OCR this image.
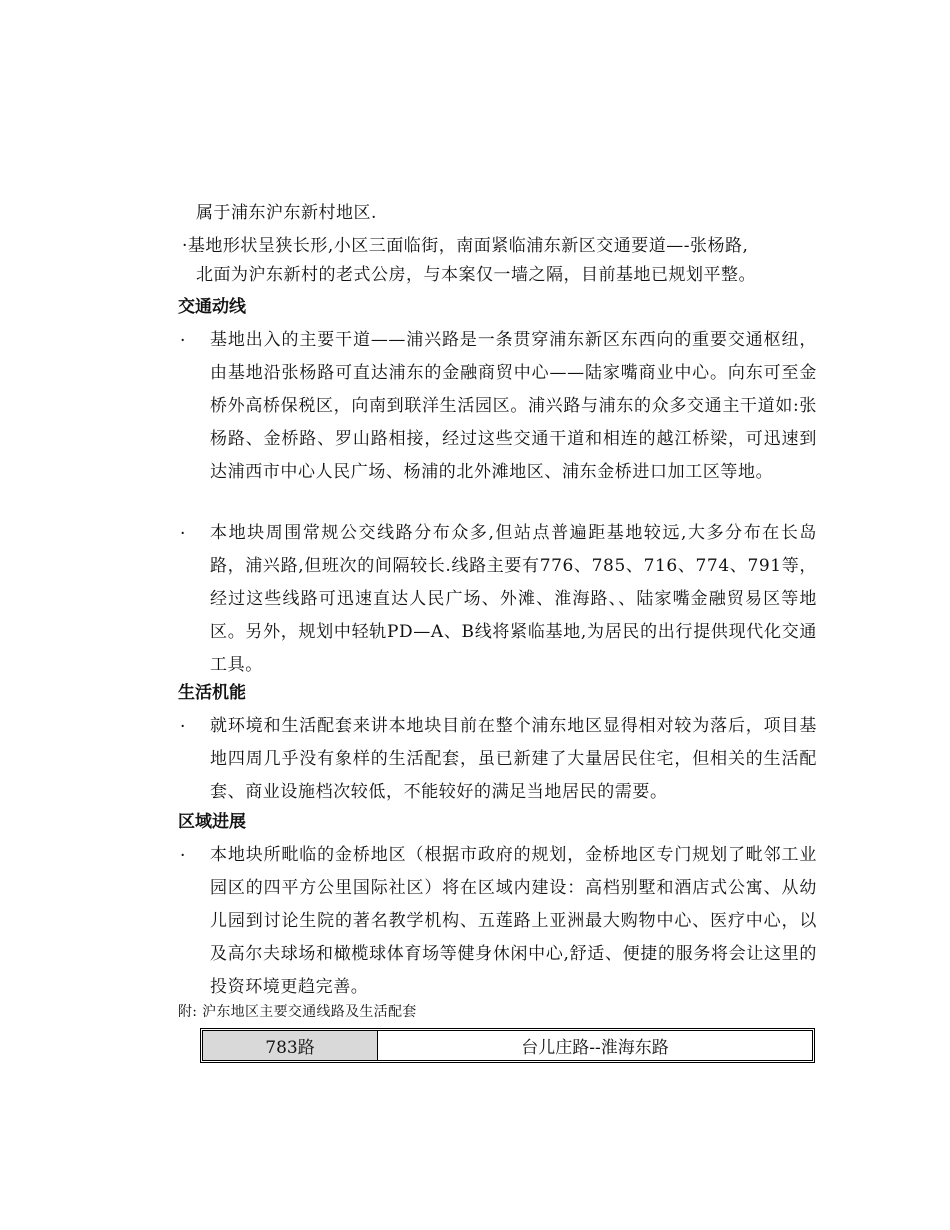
属于浦东沪东新村地区.
·基地形状呈狭长形,小区三面临街，南面紧临浦东新区交通要道—-张杨路,
北面为沪东新村的老式公房，与本案仅一墙之隔，目前基地已规划平整。
交通动线
· 基地出入的主要干道——浦兴路是一条贯穿浦东新区东西向的重要交通枢纽，由基地沿张杨路可直达浦东的金融商贸中心——陆家嘴商业中心。向东可至金桥外高桥保税区，向南到联洋生活园区。浦兴路与浦东的众多交通主干道如:张杨路、金桥路、罗山路相接，经过这些交通干道和相连的越江桥梁，可迅速到达浦西市中心人民广场、杨浦的北外滩地区、浦东金桥进口加工区等地。
· 本地块周围常规公交线路分布众多,但站点普遍距基地较远,大多分布在长岛路，浦兴路,但班次的间隔较长.线路主要有776、785、716、774、791等，经过这些线路可迅速直达人民广场、外滩、淮海路、、陆家嘴金融贸易区等地区。另外，规划中轻轨PD—A、B线将紧临基地,为居民的出行提供现代化交通工具。
生活机能
· 就环境和生活配套来讲本地块目前在整个浦东地区显得相对较为落后，项目基地四周几乎没有象样的生活配套，虽已新建了大量居民住宅，但相关的生活配套、商业设施档次较低，不能较好的满足当地居民的需要。
区域进展
· 本地块所毗临的金桥地区（根据市政府的规划，金桥地区专门规划了毗邻工业园区的四平方公里国际社区）将在区域内建设：高档别墅和酒店式公寓、从幼儿园到讨论生院的著名教学机构、五莲路上亚洲最大购物中心、医疗中心，以及高尔夫球场和橄榄球体育场等健身休闲中心,舒适、便捷的服务将会让这里的投资环境更趋完善。
附: 沪东地区主要交通线路及生活配套
783路	台儿庄路--淮海东路
